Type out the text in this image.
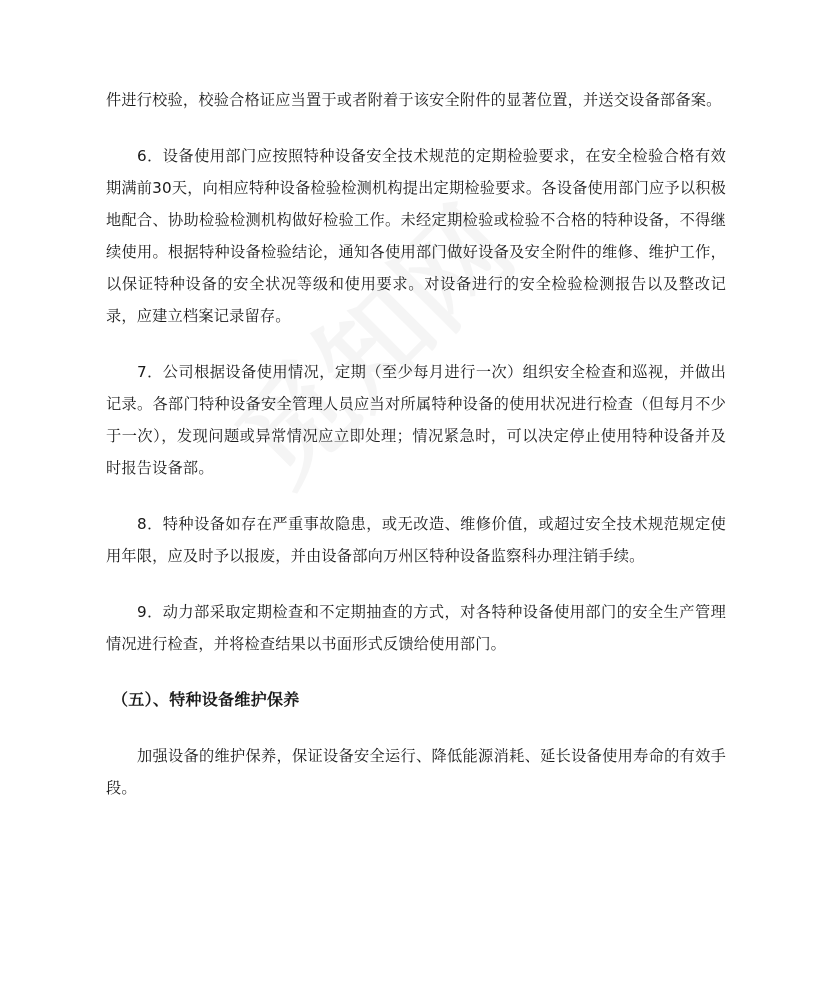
件进行校验，校验合格证应当置于或者附着于该安全附件的显著位置，并送交设备部备案。

6．设备使用部门应按照特种设备安全技术规范的定期检验要求，在安全检验合格有效期满前30天，向相应特种设备检验检测机构提出定期检验要求。各设备使用部门应予以积极地配合、协助检验检测机构做好检验工作。未经定期检验或检验不合格的特种设备，不得继续使用。根据特种设备检验结论，通知各使用部门做好设备及安全附件的维修、维护工作，以保证特种设备的安全状况等级和使用要求。对设备进行的安全检验检测报告以及整改记录，应建立档案记录留存。

7．公司根据设备使用情况，定期（至少每月进行一次）组织安全检查和巡视，并做出记录。各部门特种设备安全管理人员应当对所属特种设备的使用状况进行检查（但每月不少于一次），发现问题或异常情况应立即处理；情况紧急时，可以决定停止使用特种设备并及时报告设备部。

8．特种设备如存在严重事故隐患，或无改造、维修价值，或超过安全技术规范规定使用年限，应及时予以报废，并由设备部向万州区特种设备监察科办理注销手续。

9．动力部采取定期检查和不定期抽查的方式，对各特种设备使用部门的安全生产管理情况进行检查，并将检查结果以书面形式反馈给使用部门。

（五）、特种设备维护保养

加强设备的维护保养，保证设备安全运行、降低能源消耗、延长设备使用寿命的有效手段。
